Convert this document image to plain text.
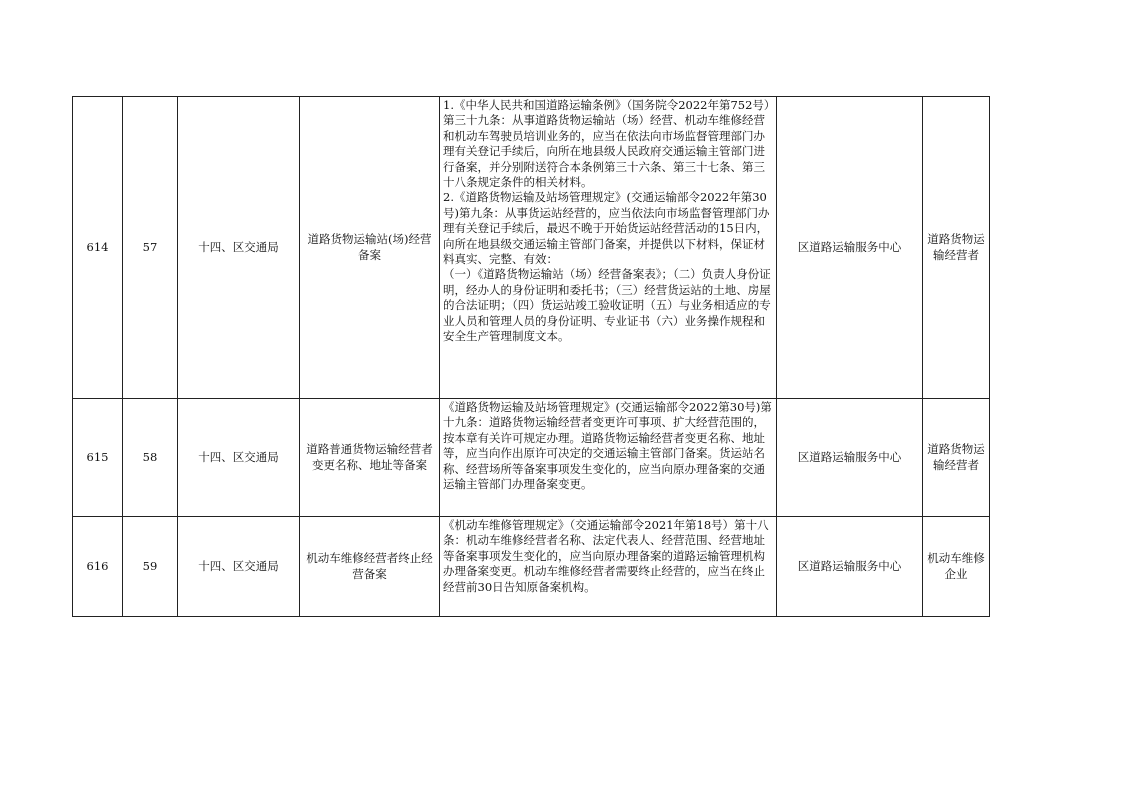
614	57	十四、区交通局	道路货物运输站(场)经营备案	1.《中华人民共和国道路运输条例》（国务院令2022年第752号）第三十九条：从事道路货物运输站（场）经营、机动车维修经营和机动车驾驶员培训业务的，应当在依法向市场监督管理部门办理有关登记手续后，向所在地县级人民政府交通运输主管部门进行备案，并分别附送符合本条例第三十六条、第三十七条、第三十八条规定条件的相关材料。

2.《道路货物运输及站场管理规定》(交通运输部令2022年第30号)第九条：从事货运站经营的，应当依法向市场监督管理部门办理有关登记手续后，最迟不晚于开始货运站经营活动的15日内，向所在地县级交通运输主管部门备案，并提供以下材料，保证材料真实、完整、有效：

（一）《道路货物运输站（场）经营备案表》；（二）负责人身份证明，经办人的身份证明和委托书；（三）经营货运站的土地、房屋的合法证明；（四）货运站竣工验收证明（五）与业务相适应的专业人员和管理人员的身份证明、专业证书（六）业务操作规程和安全生产管理制度文本。	区道路运输服务中心	道路货物运输经营者
615	58	十四、区交通局	道路普通货物运输经营者变更名称、地址等备案	《道路货物运输及站场管理规定》(交通运输部令2022第30号)第十九条：道路货物运输经营者变更许可事项、扩大经营范围的，按本章有关许可规定办理。道路货物运输经营者变更名称、地址等，应当向作出原许可决定的交通运输主管部门备案。货运站名称、经营场所等备案事项发生变化的，应当向原办理备案的交通运输主管部门办理备案变更。	区道路运输服务中心	道路货物运输经营者
616	59	十四、区交通局	机动车维修经营者终止经营备案	《机动车维修管理规定》（交通运输部令2021年第18号）第十八条：机动车维修经营者名称、法定代表人、经营范围、经营地址等备案事项发生变化的，应当向原办理备案的道路运输管理机构办理备案变更。机动车维修经营者需要终止经营的，应当在终止经营前30日告知原备案机构。	区道路运输服务中心	机动车维修企业
